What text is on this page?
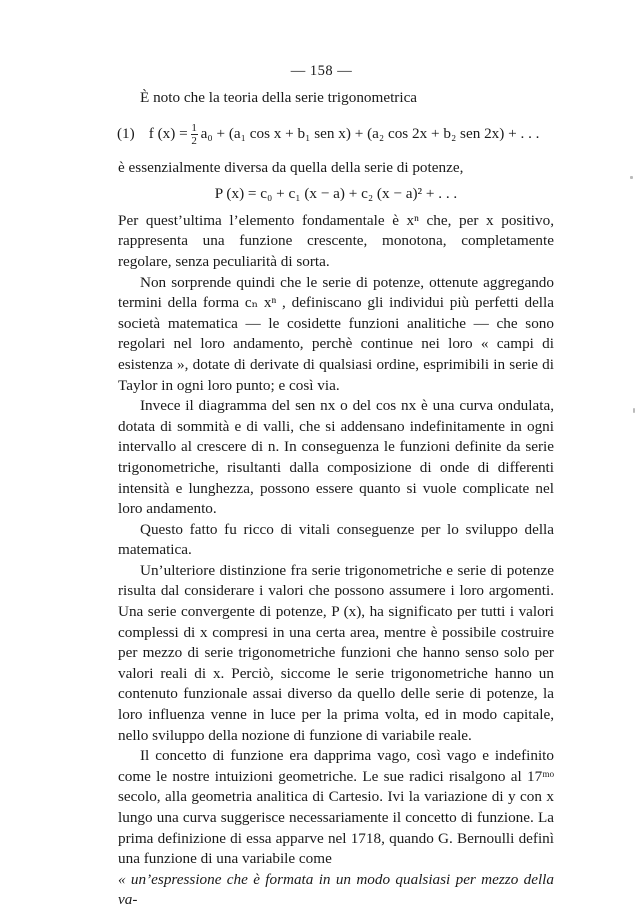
— 158 —

È noto che la teoria della serie trigonometrica

(1) f $(x) = \frac{1}{2} a_0 + (a_1$ cos x + b₁ sen x) + (a₂ cos 2x + b₂ sen 2x) + . . .

è essenzialmente diversa da quella della serie di potenze,

P (x) = c₀ + c₁ (x − a) + c₂ (x − a)² + . . .

Per quest’ultima l’elemento fondamentale è xⁿ che, per x positivo, rappresenta una funzione crescente, monotona, completamente regolare, senza peculiarità di sorta.

Non sorprende quindi che le serie di potenze, ottenute aggregando termini della forma cₙ xⁿ , definiscano gli individui più perfetti della società matematica — le cosidette funzioni analitiche — che sono regolari nel loro andamento, perchè continue nei loro « campi di esistenza », dotate di derivate di qualsiasi ordine, esprimibili in serie di Taylor in ogni loro punto; e così via.

Invece il diagramma del sen nx o del cos nx è una curva ondulata, dotata di sommità e di valli, che si addensano indefinitamente in ogni intervallo al crescere di n. In conseguenza le funzioni definite da serie trigonometriche, risultanti dalla composizione di onde di differenti intensità e lunghezza, possono essere quanto si vuole complicate nel loro andamento.

Questo fatto fu ricco di vitali conseguenze per lo sviluppo della matematica.

Un’ulteriore distinzione fra serie trigonometriche e serie di potenze risulta dal considerare i valori che possono assumere i loro argomenti. Una serie convergente di potenze, P (x), ha significato per tutti i valori complessi di x compresi in una certa area, mentre è possibile costruire per mezzo di serie trigonometriche funzioni che hanno senso solo per valori reali di x. Perciò, siccome le serie trigonometriche hanno un contenuto funzionale assai diverso da quello delle serie di potenze, la loro influenza venne in luce per la prima volta, ed in modo capitale, nello sviluppo della nozione di funzione di variabile reale.

Il concetto di funzione era dapprima vago, così vago e indefinito come le nostre intuizioni geometriche. Le sue radici risalgono al 17ᵐᵒ secolo, alla geometria analitica di Cartesio. Ivi la variazione di y con x lungo una curva suggerisce necessariamente il concetto di funzione. La prima definizione di essa apparve nel 1718, quando G. Bernoulli definì una funzione di una variabile come

« un’espressione che è formata in un modo qualsiasi per mezzo della va-
